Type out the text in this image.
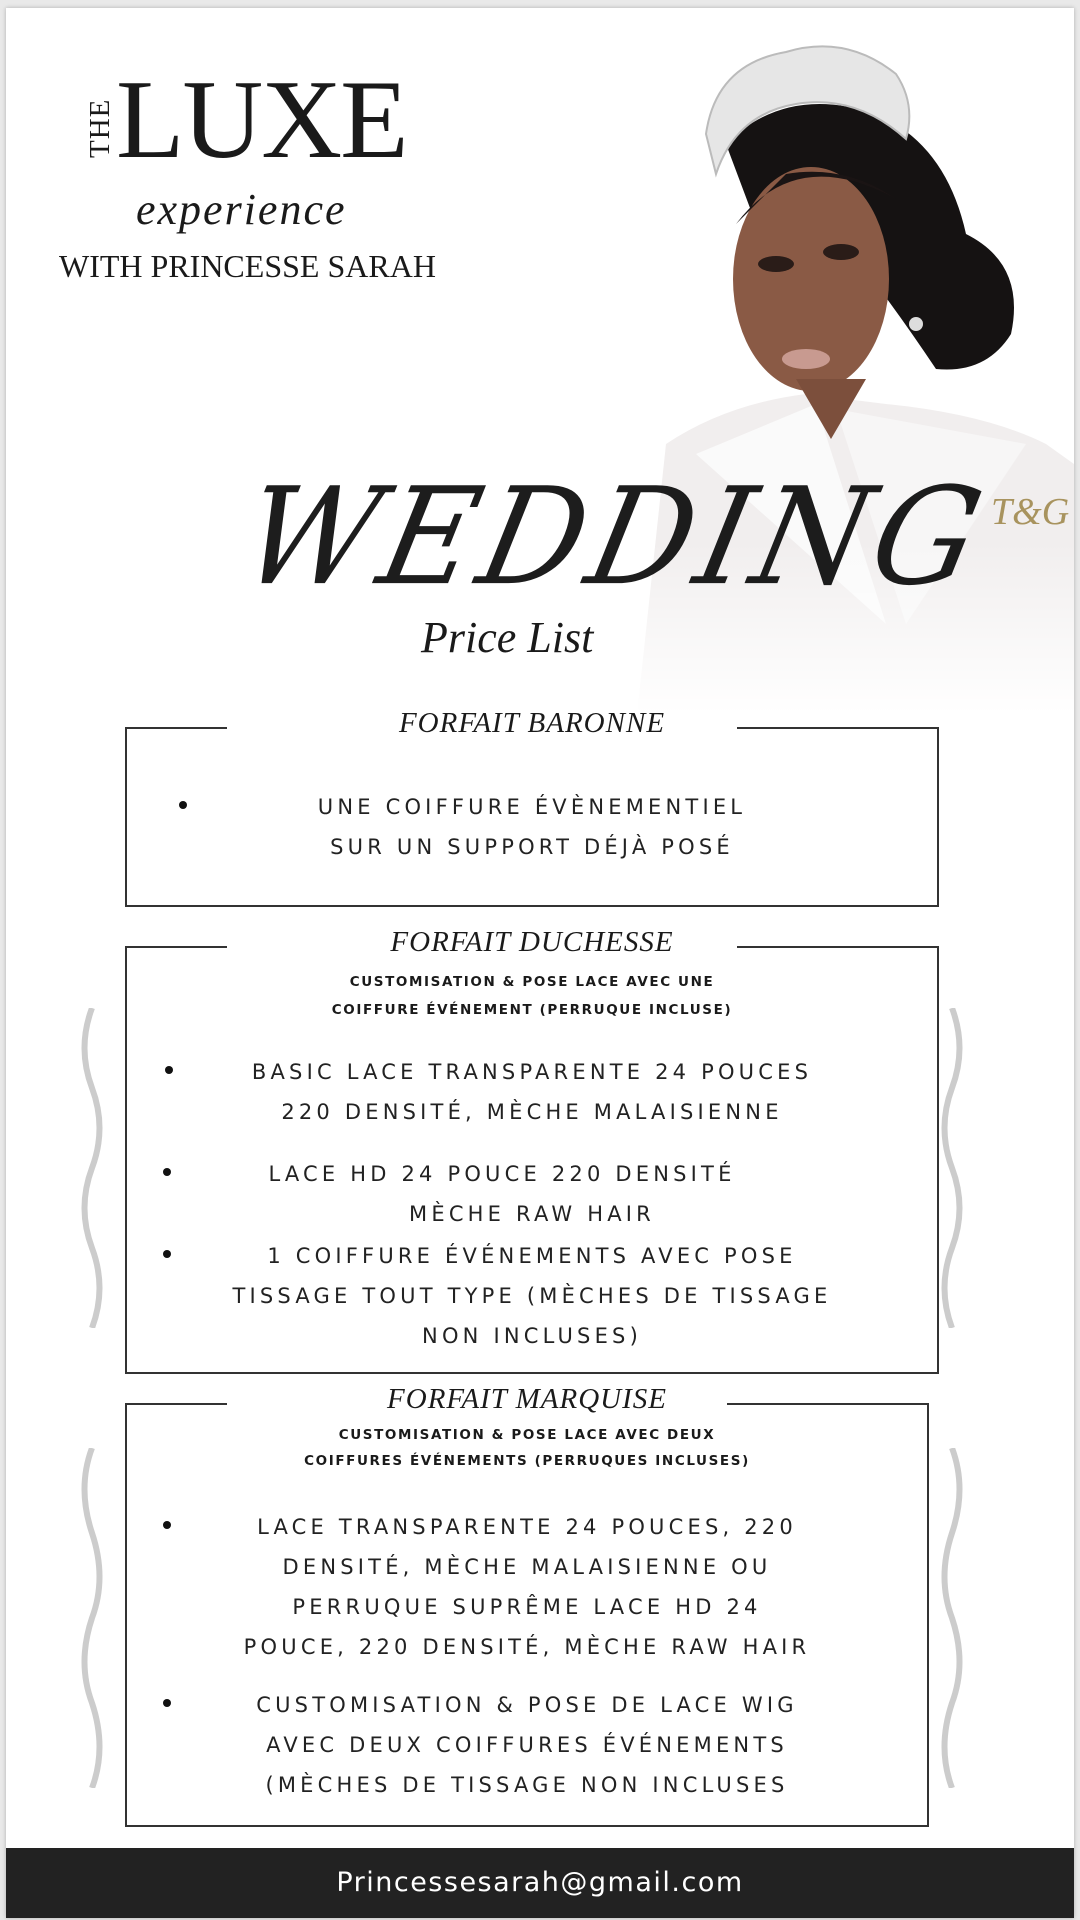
THE LUXE
experience
WITH PRINCESSE SARAH
T&G
WEDDING
Price List
FORFAIT BARONNE
UNE COIFFURE ÉVÈNEMENTIEL
SUR UN SUPPORT DÉJÀ POSÉ
FORFAIT DUCHESSE
CUSTOMISATION & POSE LACE AVEC UNE
COIFFURE ÉVÉNEMENT (PERRUQUE INCLUSE)
BASIC LACE TRANSPARENTE 24 POUCES
220 DENSITÉ, MÈCHE MALAISIENNE
LACE HD 24 POUCE 220 DENSITÉ
MÈCHE RAW HAIR
1 COIFFURE ÉVÉNEMENTS AVEC POSE
TISSAGE TOUT TYPE (MÈCHES DE TISSAGE
NON INCLUSES)
FORFAIT MARQUISE
CUSTOMISATION & POSE LACE AVEC DEUX
COIFFURES ÉVÉNEMENTS (PERRUQUES INCLUSES)
LACE TRANSPARENTE 24 POUCES, 220
DENSITÉ, MÈCHE MALAISIENNE OU
PERRUQUE SUPRÊME LACE HD 24
POUCE, 220 DENSITÉ, MÈCHE RAW HAIR
CUSTOMISATION & POSE DE LACE WIG
AVEC DEUX COIFFURES ÉVÉNEMENTS
(MÈCHES DE TISSAGE NON INCLUSES
Princessesarah@gmail.com
